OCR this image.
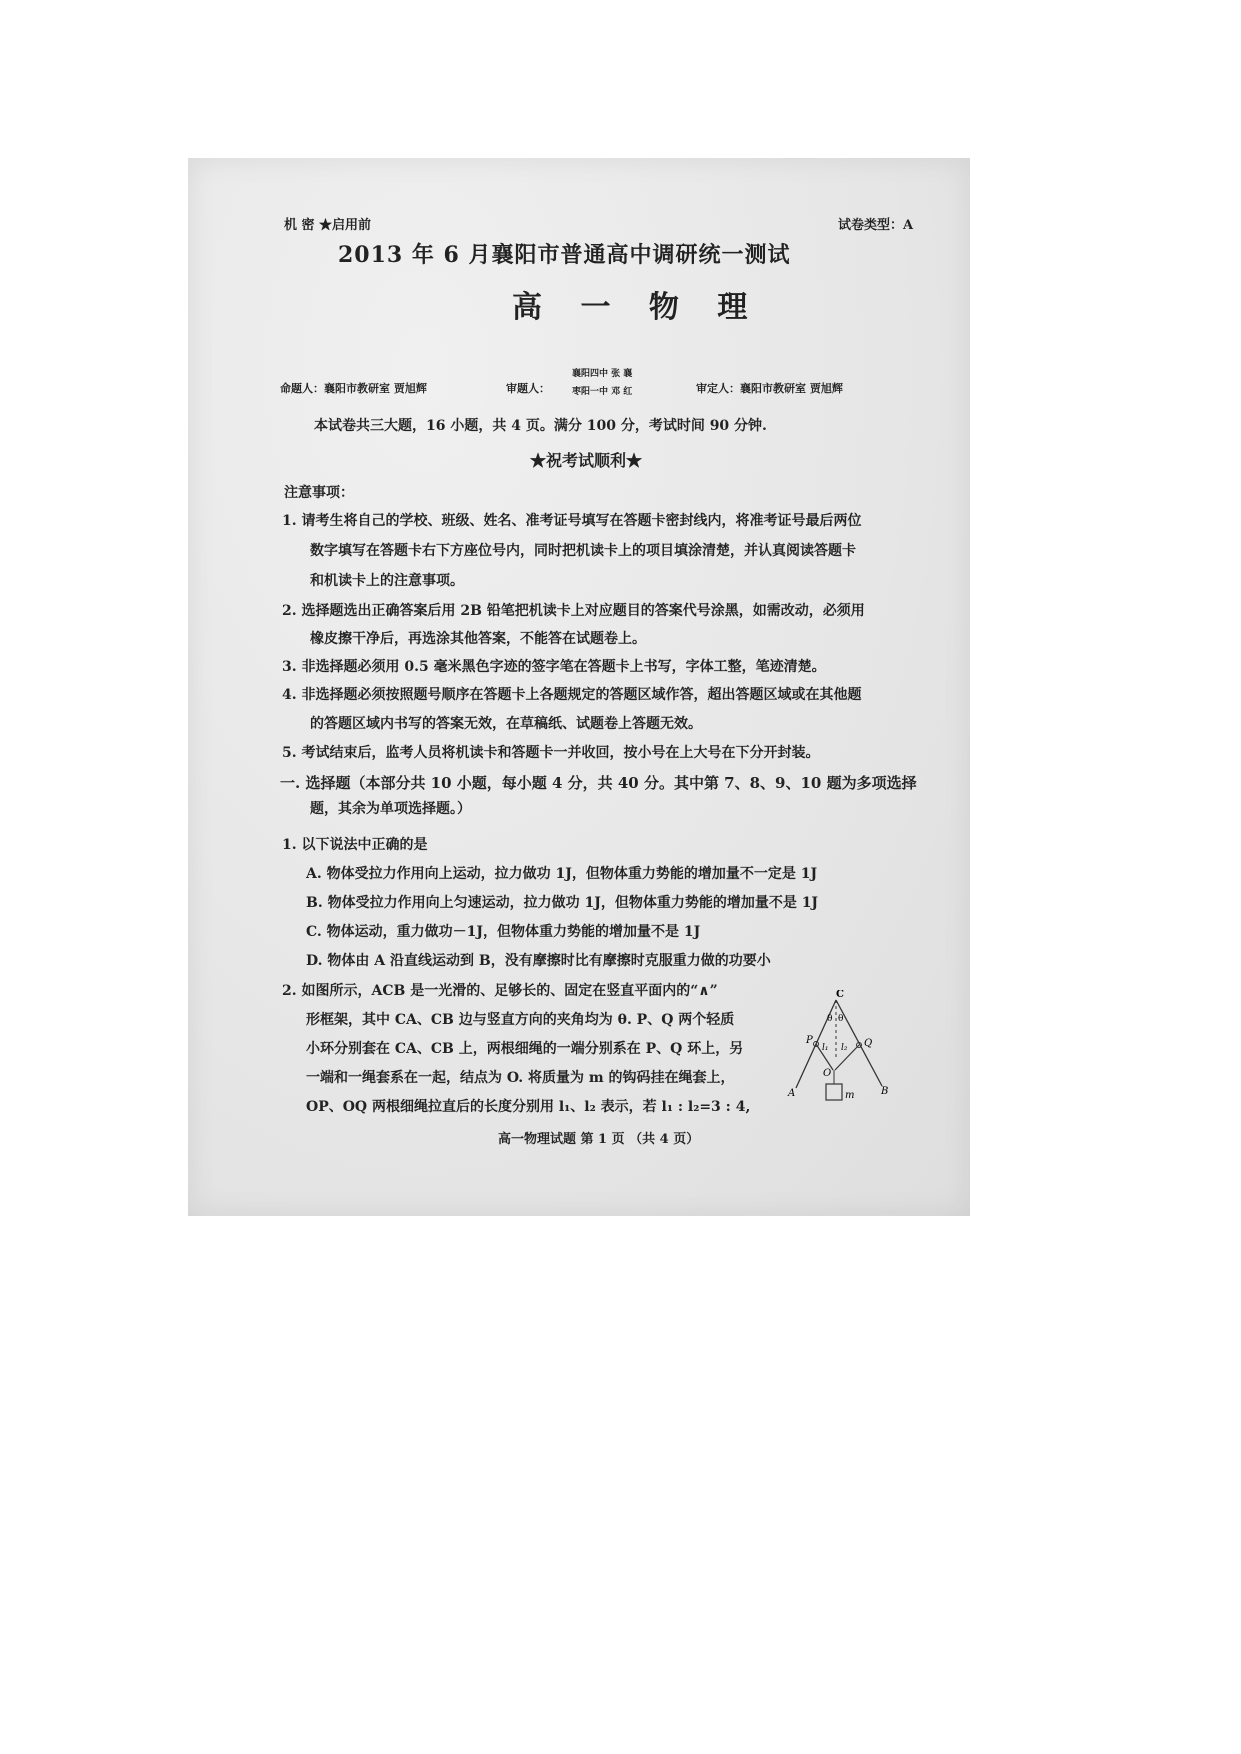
机 密 ★启用前	试卷类型：A
2013 年 6 月襄阳市普通高中调研统一测试
高 一 物 理
命题人：襄阳市教研室 贾旭辉	审题人：
襄阳四中 张 襄
枣阳一中 邓 红	审定人：襄阳市教研室 贾旭辉
本试卷共三大题，16 小题，共 4 页。满分 100 分，考试时间 90 分钟.
★祝考试顺利★
注意事项：
1. 请考生将自己的学校、班级、姓名、准考证号填写在答题卡密封线内，将准考证号最后两位
数字填写在答题卡右下方座位号内，同时把机读卡上的项目填涂清楚，并认真阅读答题卡
和机读卡上的注意事项。
2. 选择题选出正确答案后用 2B 铅笔把机读卡上对应题目的答案代号涂黑，如需改动，必须用
橡皮擦干净后，再选涂其他答案，不能答在试题卷上。
3. 非选择题必须用 0.5 毫米黑色字迹的签字笔在答题卡上书写，字体工整，笔迹清楚。
4. 非选择题必须按照题号顺序在答题卡上各题规定的答题区域作答，超出答题区域或在其他题
的答题区域内书写的答案无效，在草稿纸、试题卷上答题无效。
5. 考试结束后，监考人员将机读卡和答题卡一并收回，按小号在上大号在下分开封装。
一. 选择题（本部分共 10 小题，每小题 4 分，共 40 分。其中第 7、8、9、10 题为多项选择
题，其余为单项选择题。）
1. 以下说法中正确的是
A. 物体受拉力作用向上运动，拉力做功 1J，但物体重力势能的增加量不一定是 1J
B. 物体受拉力作用向上匀速运动，拉力做功 1J，但物体重力势能的增加量不是 1J
C. 物体运动，重力做功－1J，但物体重力势能的增加量不是 1J
D. 物体由 A 沿直线运动到 B，没有摩擦时比有摩擦时克服重力做的功要小
2. 如图所示，ACB 是一光滑的、足够长的、固定在竖直平面内的“∧”
形框架，其中 CA、CB 边与竖直方向的夹角均为 θ. P、Q 两个轻质
小环分别套在 CA、CB 上，两根细绳的一端分别系在 P、Q 环上，另
一端和一绳套系在一起，结点为 O. 将质量为 m 的钩码挂在绳套上，
OP、OQ 两根细绳拉直后的长度分别用 l₁、l₂ 表示，若 l₁ : l₂=3 : 4,
C
θ θ
P	Q
l₁ l₂
O
A	B
m
高一物理试题 第 1 页 （共 4 页）
